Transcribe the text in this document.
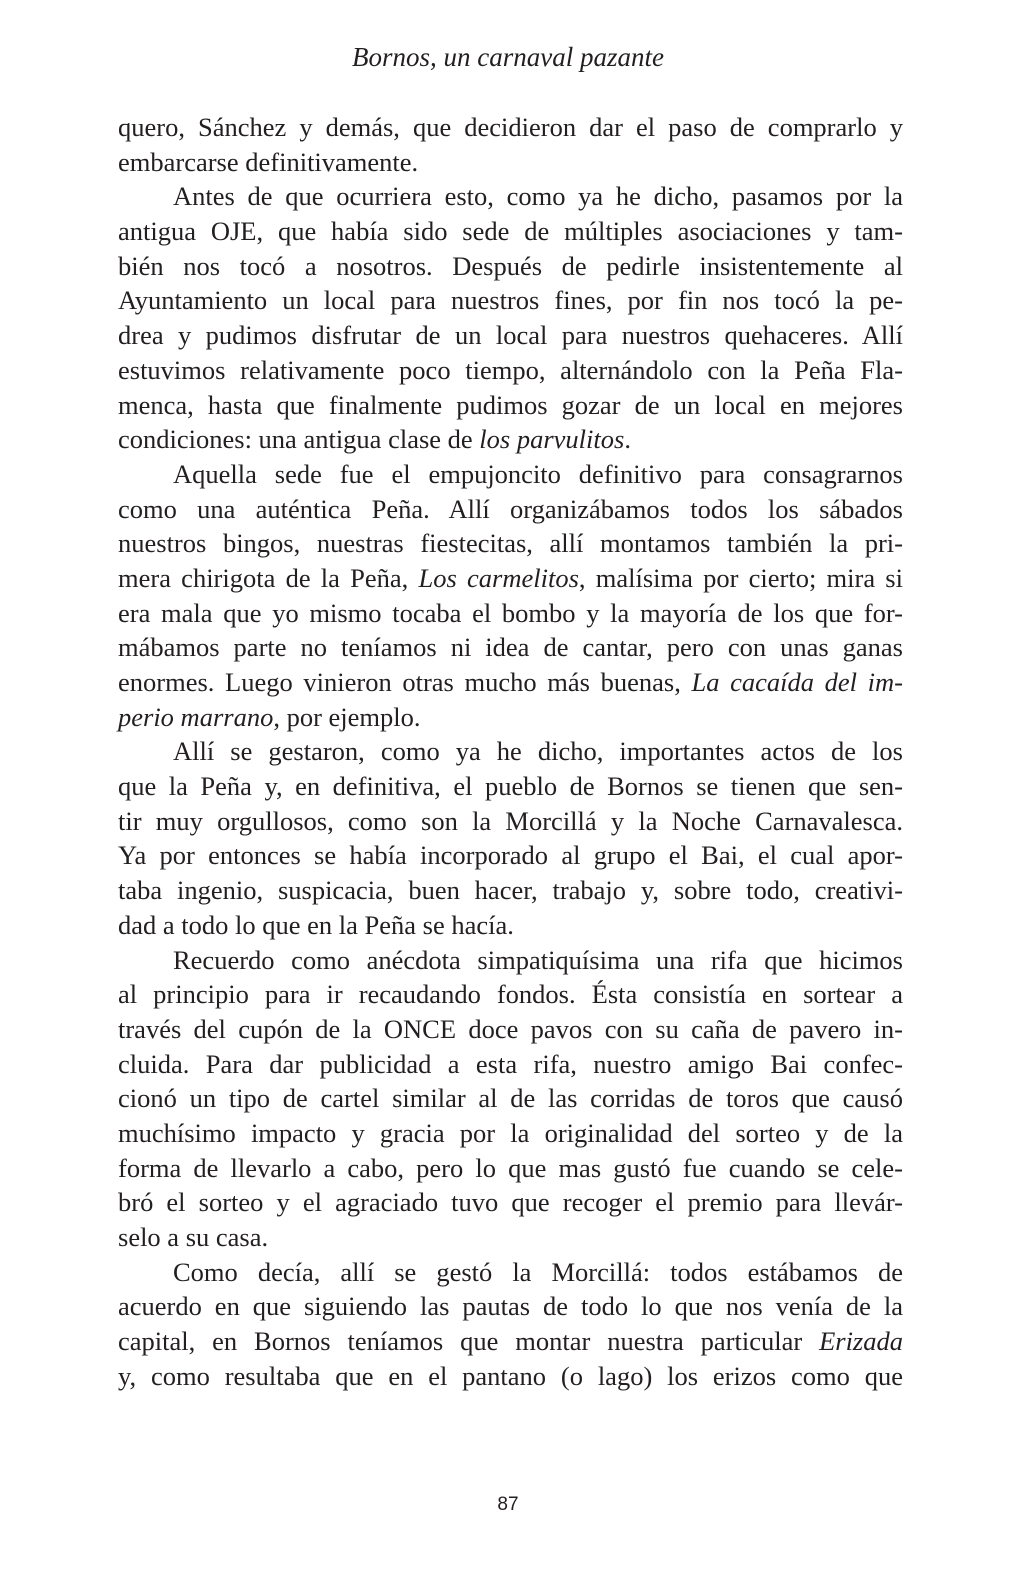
Bornos, un carnaval pazante
quero, Sánchez y demás, que decidieron dar el paso de comprarlo y
embarcarse definitivamente.
Antes de que ocurriera esto, como ya he dicho, pasamos por la
antigua OJE, que había sido sede de múltiples asociaciones y tam-
bién nos tocó a nosotros. Después de pedirle insistentemente al
Ayuntamiento un local para nuestros fines, por fin nos tocó la pe-
drea y pudimos disfrutar de un local para nuestros quehaceres. Allí
estuvimos relativamente poco tiempo, alternándolo con la Peña Fla-
menca, hasta que finalmente pudimos gozar de un local en mejores
condiciones: una antigua clase de los parvulitos.
Aquella sede fue el empujoncito definitivo para consagrarnos
como una auténtica Peña. Allí organizábamos todos los sábados
nuestros bingos, nuestras fiestecitas, allí montamos también la pri-
mera chirigota de la Peña, Los carmelitos, malísima por cierto; mira si
era mala que yo mismo tocaba el bombo y la mayoría de los que for-
mábamos parte no teníamos ni idea de cantar, pero con unas ganas
enormes. Luego vinieron otras mucho más buenas, La cacaída del im-
perio marrano, por ejemplo.
Allí se gestaron, como ya he dicho, importantes actos de los
que la Peña y, en definitiva, el pueblo de Bornos se tienen que sen-
tir muy orgullosos, como son la Morcillá y la Noche Carnavalesca.
Ya por entonces se había incorporado al grupo el Bai, el cual apor-
taba ingenio, suspicacia, buen hacer, trabajo y, sobre todo, creativi-
dad a todo lo que en la Peña se hacía.
Recuerdo como anécdota simpatiquísima una rifa que hicimos
al principio para ir recaudando fondos. Ésta consistía en sortear a
través del cupón de la ONCE doce pavos con su caña de pavero in-
cluida. Para dar publicidad a esta rifa, nuestro amigo Bai confec-
cionó un tipo de cartel similar al de las corridas de toros que causó
muchísimo impacto y gracia por la originalidad del sorteo y de la
forma de llevarlo a cabo, pero lo que mas gustó fue cuando se cele-
bró el sorteo y el agraciado tuvo que recoger el premio para llevár-
selo a su casa.
Como decía, allí se gestó la Morcillá: todos estábamos de
acuerdo en que siguiendo las pautas de todo lo que nos venía de la
capital, en Bornos teníamos que montar nuestra particular Erizada
y, como resultaba que en el pantano (o lago) los erizos como que
87
